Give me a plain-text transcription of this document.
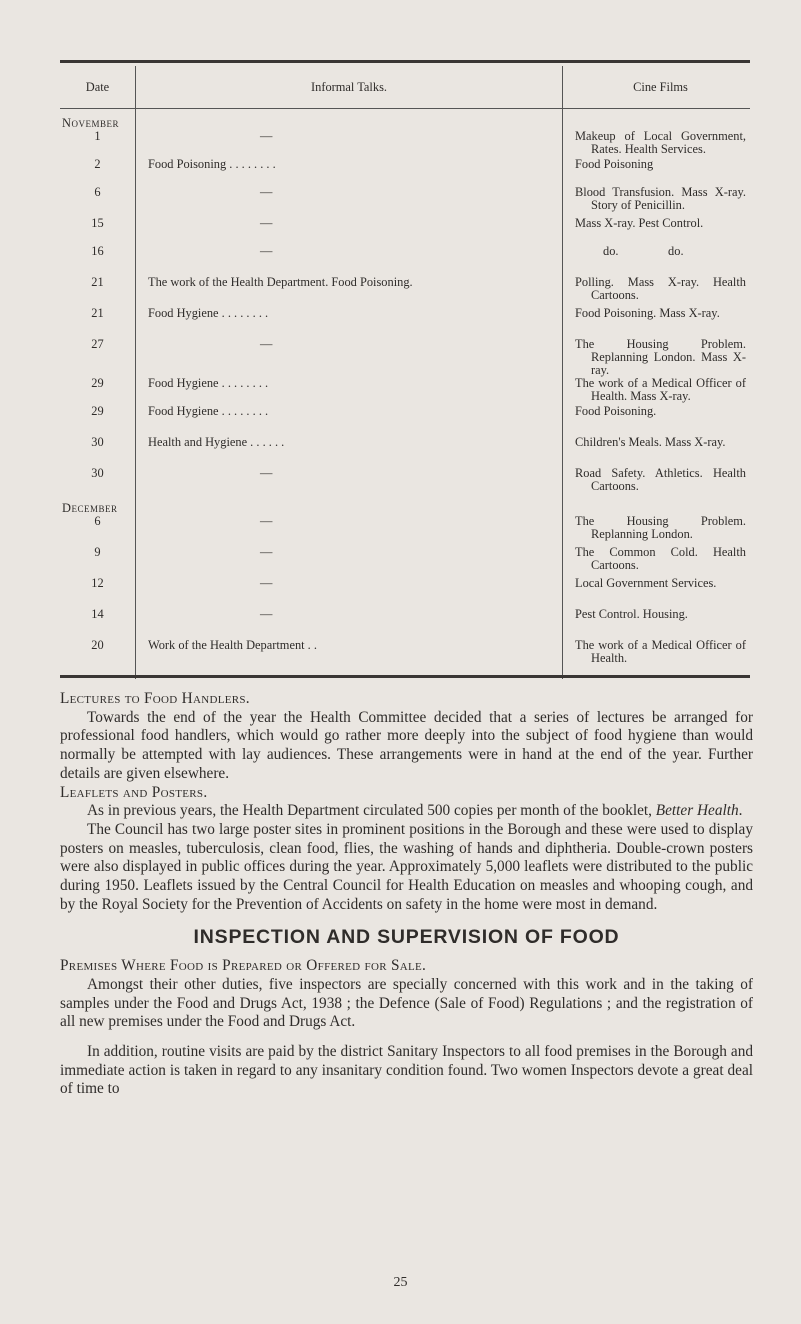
Date	Informal Talks.	Cine Films
November		
1	—	Makeup of Local Government, Rates. Health Services.

2	Food Poisoning . . . . . . . .	Food Poisoning

6	—	Blood Transfusion. Mass X-ray. Story of Penicillin.

15	—	Mass X-ray. Pest Control.

16	—	do.                do.
21	The work of the Health Department. Food Poisoning.	Polling. Mass X-ray. Health Cartoons.

21	Food Hygiene . . . . . . . .	Food Poisoning. Mass X-ray.

27	—	The Housing Problem. Replanning London. Mass X-ray.

29	Food Hygiene . . . . . . . .	The work of a Medical Officer of Health. Mass X-ray.

29	Food Hygiene . . . . . . . .	Food Poisoning.

30	Health and Hygiene . . . . . .	Children's Meals. Mass X-ray.

30	—	Road Safety. Athletics. Health Cartoons.

December		
6	—	The Housing Problem. Replanning London.

9	—	The Common Cold. Health Cartoons.

12	—	Local Government Services.

14	—	Pest Control. Housing.

20	Work of the Health Department . .	The work of a Medical Officer of Health.

Lectures to Food Handlers.

Towards the end of the year the Health Committee decided that a series of lectures be arranged for professional food handlers, which would go rather more deeply into the subject of food hygiene than would normally be attempted with lay audiences. These arrangements were in hand at the end of the year. Further details are given elsewhere.

Leaflets and Posters.

As in previous years, the Health Department circulated 500 copies per month of the booklet, Better Health.

The Council has two large poster sites in prominent positions in the Borough and these were used to display posters on measles, tuberculosis, clean food, flies, the washing of hands and diphtheria. Double-crown posters were also displayed in public offices during the year. Approximately 5,000 leaflets were distributed to the public during 1950. Leaflets issued by the Central Council for Health Education on measles and whooping cough, and by the Royal Society for the Prevention of Accidents on safety in the home were most in demand.

INSPECTION AND SUPERVISION OF FOOD

Premises Where Food is Prepared or Offered for Sale.

Amongst their other duties, five inspectors are specially concerned with this work and in the taking of samples under the Food and Drugs Act, 1938 ; the Defence (Sale of Food) Regulations ; and the registration of all new premises under the Food and Drugs Act.

In addition, routine visits are paid by the district Sanitary Inspectors to all food premises in the Borough and immediate action is taken in regard to any insanitary condition found. Two women Inspectors devote a great deal of time to

25
